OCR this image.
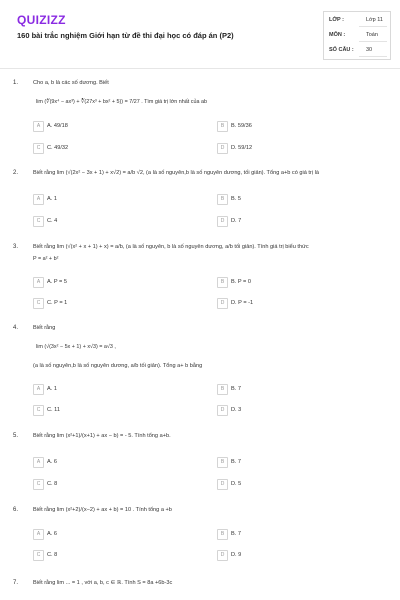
QUIZIZZ
160 bài trắc nghiệm Giới hạn từ đề thi đại học có đáp án (P2)
LỚP :	Lớp 11
MÔN :	Toán
SỐ CÂU : 30
1.	Cho a, b là các số dương. Biết
lim (∜(9x⁴ − ax³) + ∛(27x³ + bx² + 5)) = 7/27 . Tìm giá trị lớn nhất của ab
A	A. 49/18	B	B. 59/36
C	C. 49/32	D	D. 59/12
2.	Biết rằng lim (√(2x² − 3x + 1) + x√2) = a/b √2, (a là số nguyên,b là số nguyên dương, tối giản). Tổng a+b có giá trị là
A	A. 1	B	B. 5
C	C. 4	D	D. 7
3.	Biết rằng lim (√(x² + x + 1) + x) = a/b, (a là số nguyên, b là số nguyên dương, a/b tối giản). Tính giá trị biểu thức
P = a² + b²
A	A. P = 5	B	B. P = 0
C	C. P = 1	D	D. P = -1
4.	Biết rằng
lim (√(3x² − 5x + 1) + x√3) = a√3 ,
(a là số nguyên,b là số nguyên dương, a/b tối giản). Tổng a+ b bằng
A	A. 1	B	B. 7
C	C. 11	D	D. 3
5.	Biết rằng lim (x²+1)/(x+1) + ax − b) = - 5. Tính tổng a+b.
A	A. 6	B	B. 7
C	C. 8	D	D. 5
6.	Biết rằng lim (x²+2)/(x−2) + ax + b) = 10 . Tính tổng a +b
A	A. 6	B	B. 7
C	C. 8	D	D. 9
7.	Biết rằng lim ... = 1 , với a, b, c ∈ ℝ. Tính S = 8a +6b-3c
